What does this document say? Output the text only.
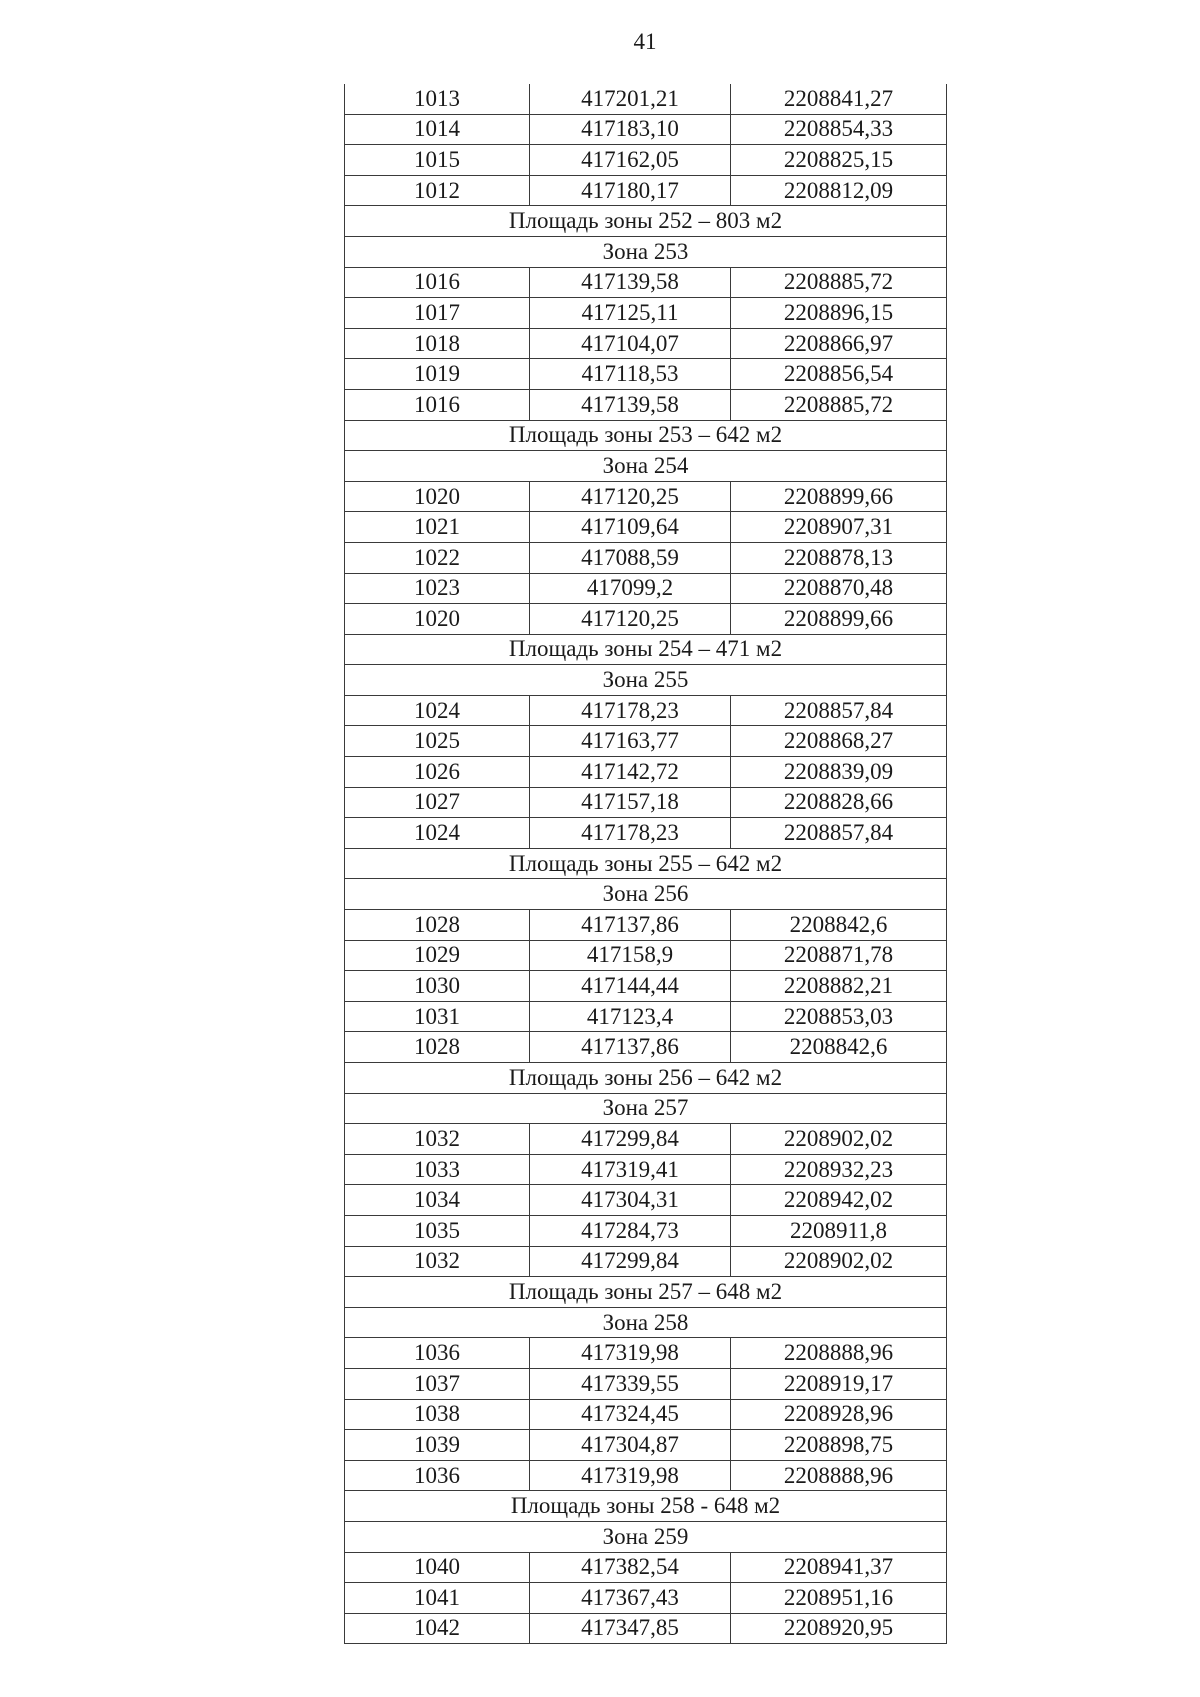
41
1013	417201,21	2208841,27
1014	417183,10	2208854,33
1015	417162,05	2208825,15
1012	417180,17	2208812,09
Площадь зоны 252 – 803 м2		
Зона 253		
1016	417139,58	2208885,72
1017	417125,11	2208896,15
1018	417104,07	2208866,97
1019	417118,53	2208856,54
1016	417139,58	2208885,72
Площадь зоны 253 – 642 м2		
Зона 254		
1020	417120,25	2208899,66
1021	417109,64	2208907,31
1022	417088,59	2208878,13
1023	417099,2	2208870,48
1020	417120,25	2208899,66
Площадь зоны 254 – 471 м2		
Зона 255		
1024	417178,23	2208857,84
1025	417163,77	2208868,27
1026	417142,72	2208839,09
1027	417157,18	2208828,66
1024	417178,23	2208857,84
Площадь зоны 255 – 642 м2		
Зона 256		
1028	417137,86	2208842,6
1029	417158,9	2208871,78
1030	417144,44	2208882,21
1031	417123,4	2208853,03
1028	417137,86	2208842,6
Площадь зоны 256 – 642 м2		
Зона 257		
1032	417299,84	2208902,02
1033	417319,41	2208932,23
1034	417304,31	2208942,02
1035	417284,73	2208911,8
1032	417299,84	2208902,02
Площадь зоны 257 – 648 м2		
Зона 258		
1036	417319,98	2208888,96
1037	417339,55	2208919,17
1038	417324,45	2208928,96
1039	417304,87	2208898,75
1036	417319,98	2208888,96
Площадь зоны 258 - 648 м2		
Зона 259		
1040	417382,54	2208941,37
1041	417367,43	2208951,16
1042	417347,85	2208920,95
